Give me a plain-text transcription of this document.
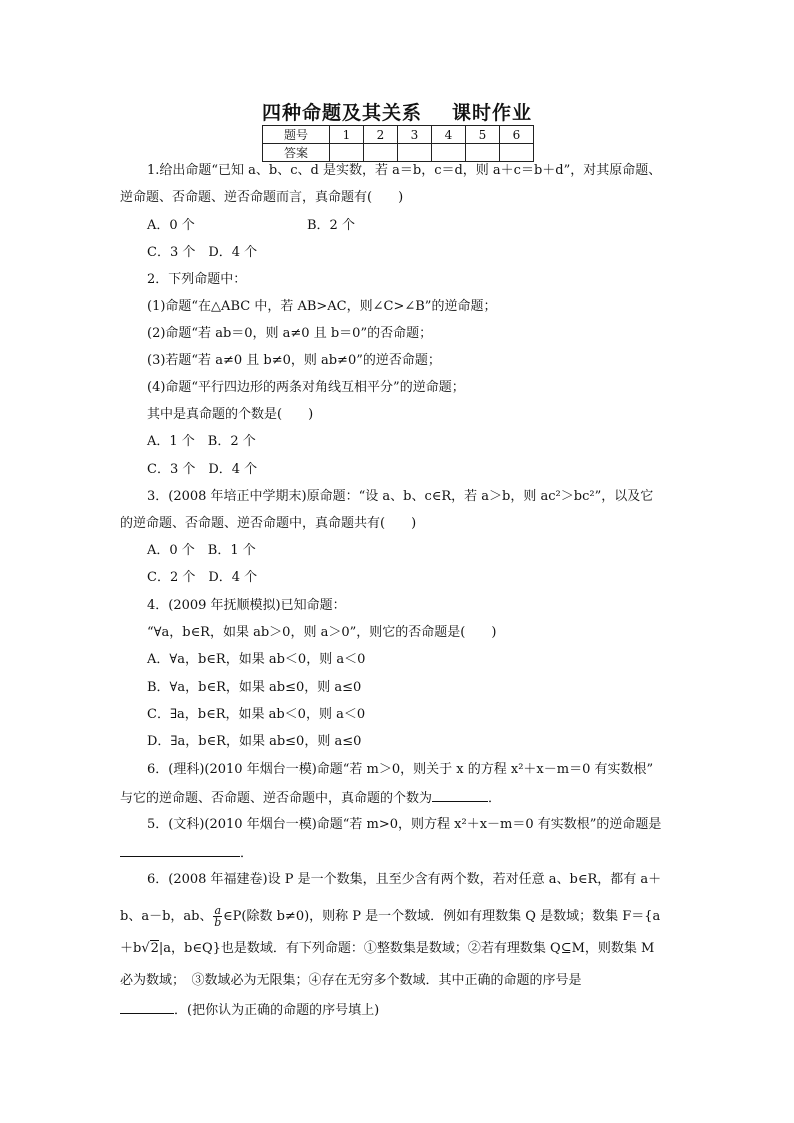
四种命题及其关系 课时作业
题号	1	2	3	4	5	6
答案						
1.给出命题“已知 a、b、c、d 是实数，若 a＝b，c＝d，则 a＋c＝b＋d”，对其原命题、
逆命题、否命题、逆否命题而言，真命题有(　　)
A．0 个	B．2 个
C．3 个　D．4 个
2．下列命题中：
(1)命题“在△ABC 中，若 AB>AC，则∠C>∠B”的逆命题；
(2)命题“若 ab＝0，则 a≠0 且 b＝0”的否命题；
(3)若题“若 a≠0 且 b≠0，则 ab≠0”的逆否命题；
(4)命题“平行四边形的两条对角线互相平分”的逆命题；
其中是真命题的个数是(　　)
A．1 个　B．2 个
C．3 个　D．4 个
3．(2008 年培正中学期末)原命题：“设 a、b、c∈R，若 a＞b，则 ac²＞bc²”，以及它
的逆命题、否命题、逆否命题中，真命题共有(　　)
A．0 个　B．1 个
C．2 个　D．4 个
4．(2009 年抚顺模拟)已知命题：
“∀a，b∈R，如果 ab＞0，则 a＞0”，则它的否命题是(　　)
A．∀a，b∈R，如果 ab＜0，则 a＜0
B．∀a，b∈R，如果 ab≤0，则 a≤0
C．∃a，b∈R，如果 ab＜0，则 a＜0
D．∃a，b∈R，如果 ab≤0，则 a≤0
6．(理科)(2010 年烟台一模)命题“若 m＞0，则关于 x 的方程 x²＋x－m＝0 有实数根”
与它的逆命题、否命题、逆否命题中，真命题的个数为	．
5．(文科)(2010 年烟台一模)命题“若 m>0，则方程 x²＋x－m＝0 有实数根”的逆命题是
．
6．(2008 年福建卷)设 P 是一个数集，且至少含有两个数，若对任意 a、b∈R，都有 a＋
b、a－b，ab、 $\frac{a}{b}$ ∈P(除数 b≠0)，则称 P 是一个数域．例如有理数集 Q 是数域；数集 F＝{a
＋b√2|a，b∈Q}也是数域．有下列命题：①整数集是数域；②若有理数集 Q⊆M，则数集 M
必为数域；　③数域必为无限集；④存在无穷多个数域．其中正确的命题的序号是
．(把你认为正确的命题的序号填上)
